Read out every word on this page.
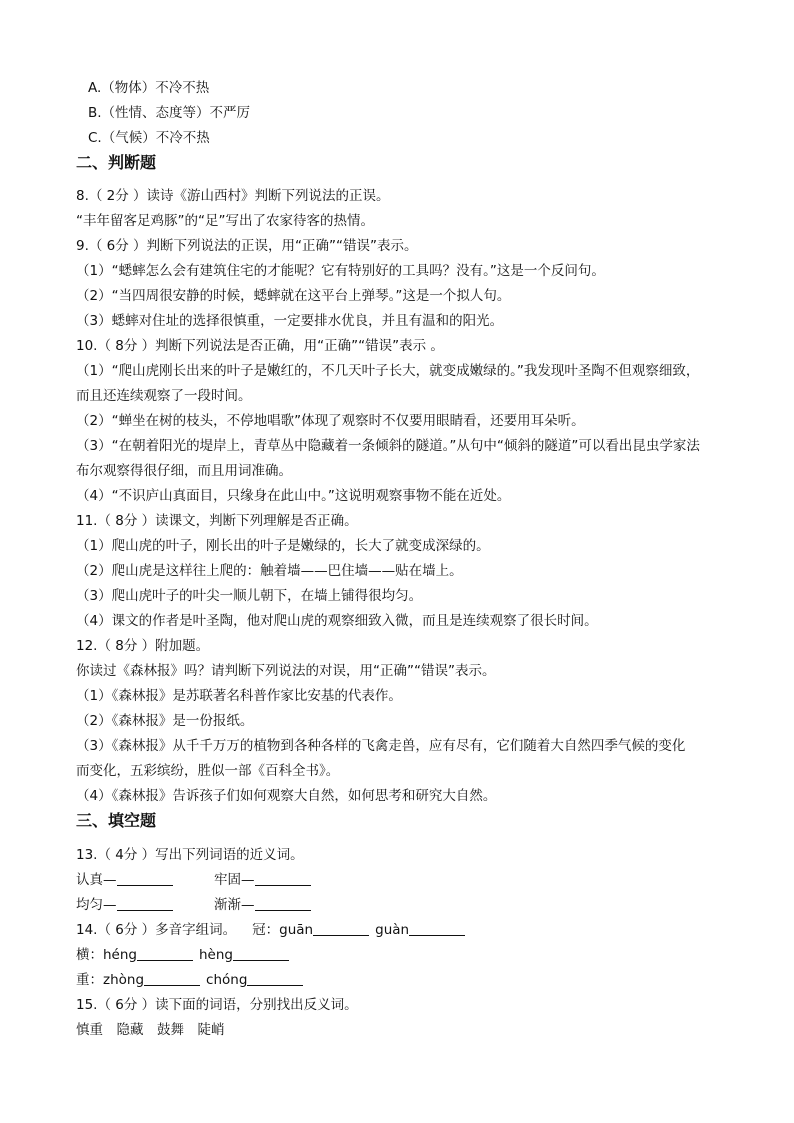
A.（物体）不冷不热
B.（性情、态度等）不严厉
C.（气候）不冷不热
二、判断题
8.（ 2分 ）读诗《游山西村》判断下列说法的正误。
“丰年留客足鸡豚”的“足”写出了农家待客的热情。
9.（ 6分 ）判断下列说法的正误，用“正确”“错误”表示。
（1）“蟋蟀怎么会有建筑住宅的才能呢？它有特别好的工具吗？没有。”这是一个反问句。
（2）“当四周很安静的时候，蟋蟀就在这平台上弹琴。”这是一个拟人句。
（3）蟋蟀对住址的选择很慎重，一定要排水优良，并且有温和的阳光。
10.（ 8分 ）判断下列说法是否正确，用“正确”“错误”表示 。
（1）“爬山虎刚长出来的叶子是嫩红的，不几天叶子长大，就变成嫩绿的。”我发现叶圣陶不但观察细致，
而且还连续观察了一段时间。
（2）“蝉坐在树的枝头，不停地唱歌”体现了观察时不仅要用眼睛看，还要用耳朵听。
（3）“在朝着阳光的堤岸上，青草丛中隐藏着一条倾斜的隧道。”从句中“倾斜的隧道”可以看出昆虫学家法
布尔观察得很仔细，而且用词准确。
（4）“不识庐山真面目，只缘身在此山中。”这说明观察事物不能在近处。
11.（ 8分 ）读课文，判断下列理解是否正确。
（1）爬山虎的叶子，刚长出的叶子是嫩绿的，长大了就变成深绿的。
（2）爬山虎是这样往上爬的：触着墙——巴住墙——贴在墙上。
（3）爬山虎叶子的叶尖一顺儿朝下，在墙上铺得很均匀。
（4）课文的作者是叶圣陶，他对爬山虎的观察细致入微，而且是连续观察了很长时间。
12.（ 8分 ）附加题。
你读过《森林报》吗？请判断下列说法的对误，用“正确”“错误”表示。
（1）《森林报》是苏联著名科普作家比安基的代表作。
（2）《森林报》是一份报纸。
（3）《森林报》从千千万万的植物到各种各样的飞禽走兽，应有尽有，它们随着大自然四季气候的变化
而变化，五彩缤纷，胜似一部《百科全书》。
（4）《森林报》告诉孩子们如何观察大自然，如何思考和研究大自然。
三、填空题
13.（ 4分 ）写出下列词语的近义词。
认真—	牢固—
均匀—	渐渐—
14.（ 6分 ）多音字组词。 冠：guān	guàn
横：héng	hèng
重：zhòng	chóng
15.（ 6分 ）读下面的词语，分别找出反义词。
慎重　隐藏　鼓舞　陡峭
